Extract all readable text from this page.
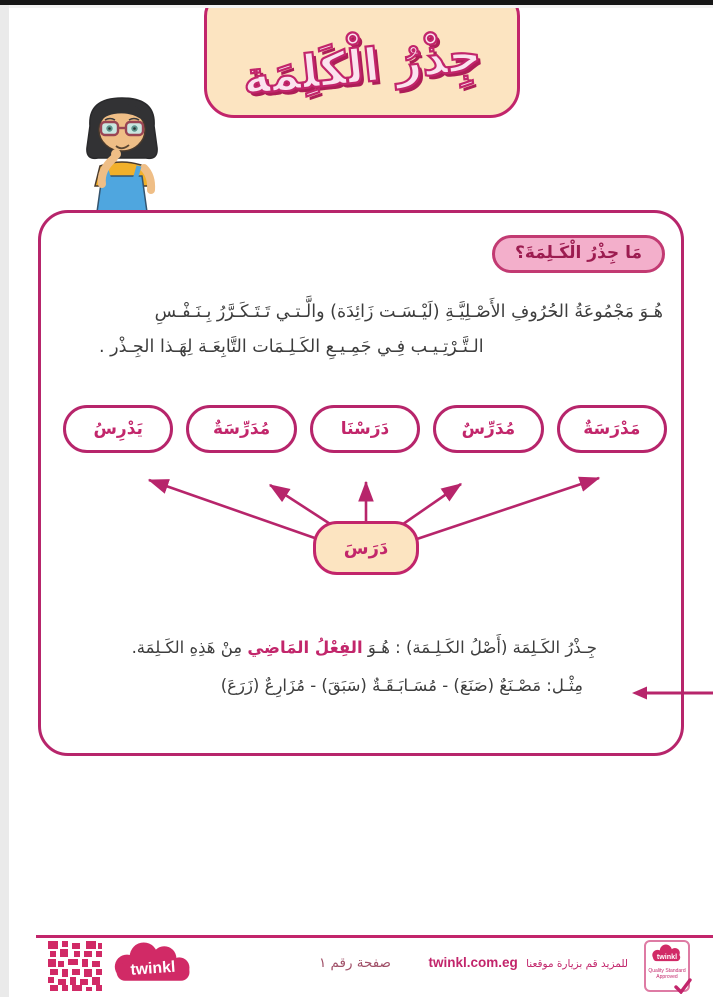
جِذْرُ الْكَلِمَة
مَا جِذْرُ الْكَـلِمَةَ؟
هُـوَ مَجْمُوعَةُ الحُرُوفِ الأَصْـلِيَّـةِ (لَيْـسَـت زَائِدَة) والَّـتـي تَـتَـكَـرَّرُ بِـنَـفْـسِ
الـتَّـرْتِـيـب فِـي جَمِـيـعِ الكَـلِـمَات التَّابِعَـة لِهَـذا الجِـذْر .
مَدْرَسَةٌ
مُدَرِّسٌ
دَرَسْنَا
مُدَرِّسَةٌ
يَدْرِسُ
دَرَسَ
جِـذْرُ الكَـلِمَة (أَصْلُ الكَـلِـمَة) : هُـوَ الفِعْلُ المَاضِي مِنْ هَذِهِ الكَـلِمَة.
مِثْـل: مَصْـنَعٌ (صَنَعَ) - مُسَـابَـقَـةٌ (سَبَقَ) - مُزَارِعٌ (زَرَعَ)
twinkl	صفحة رقم ١	للمزيد قم بزيارة موقعنا twinkl.com.eg	twinkl
Quality Standard
Approved
